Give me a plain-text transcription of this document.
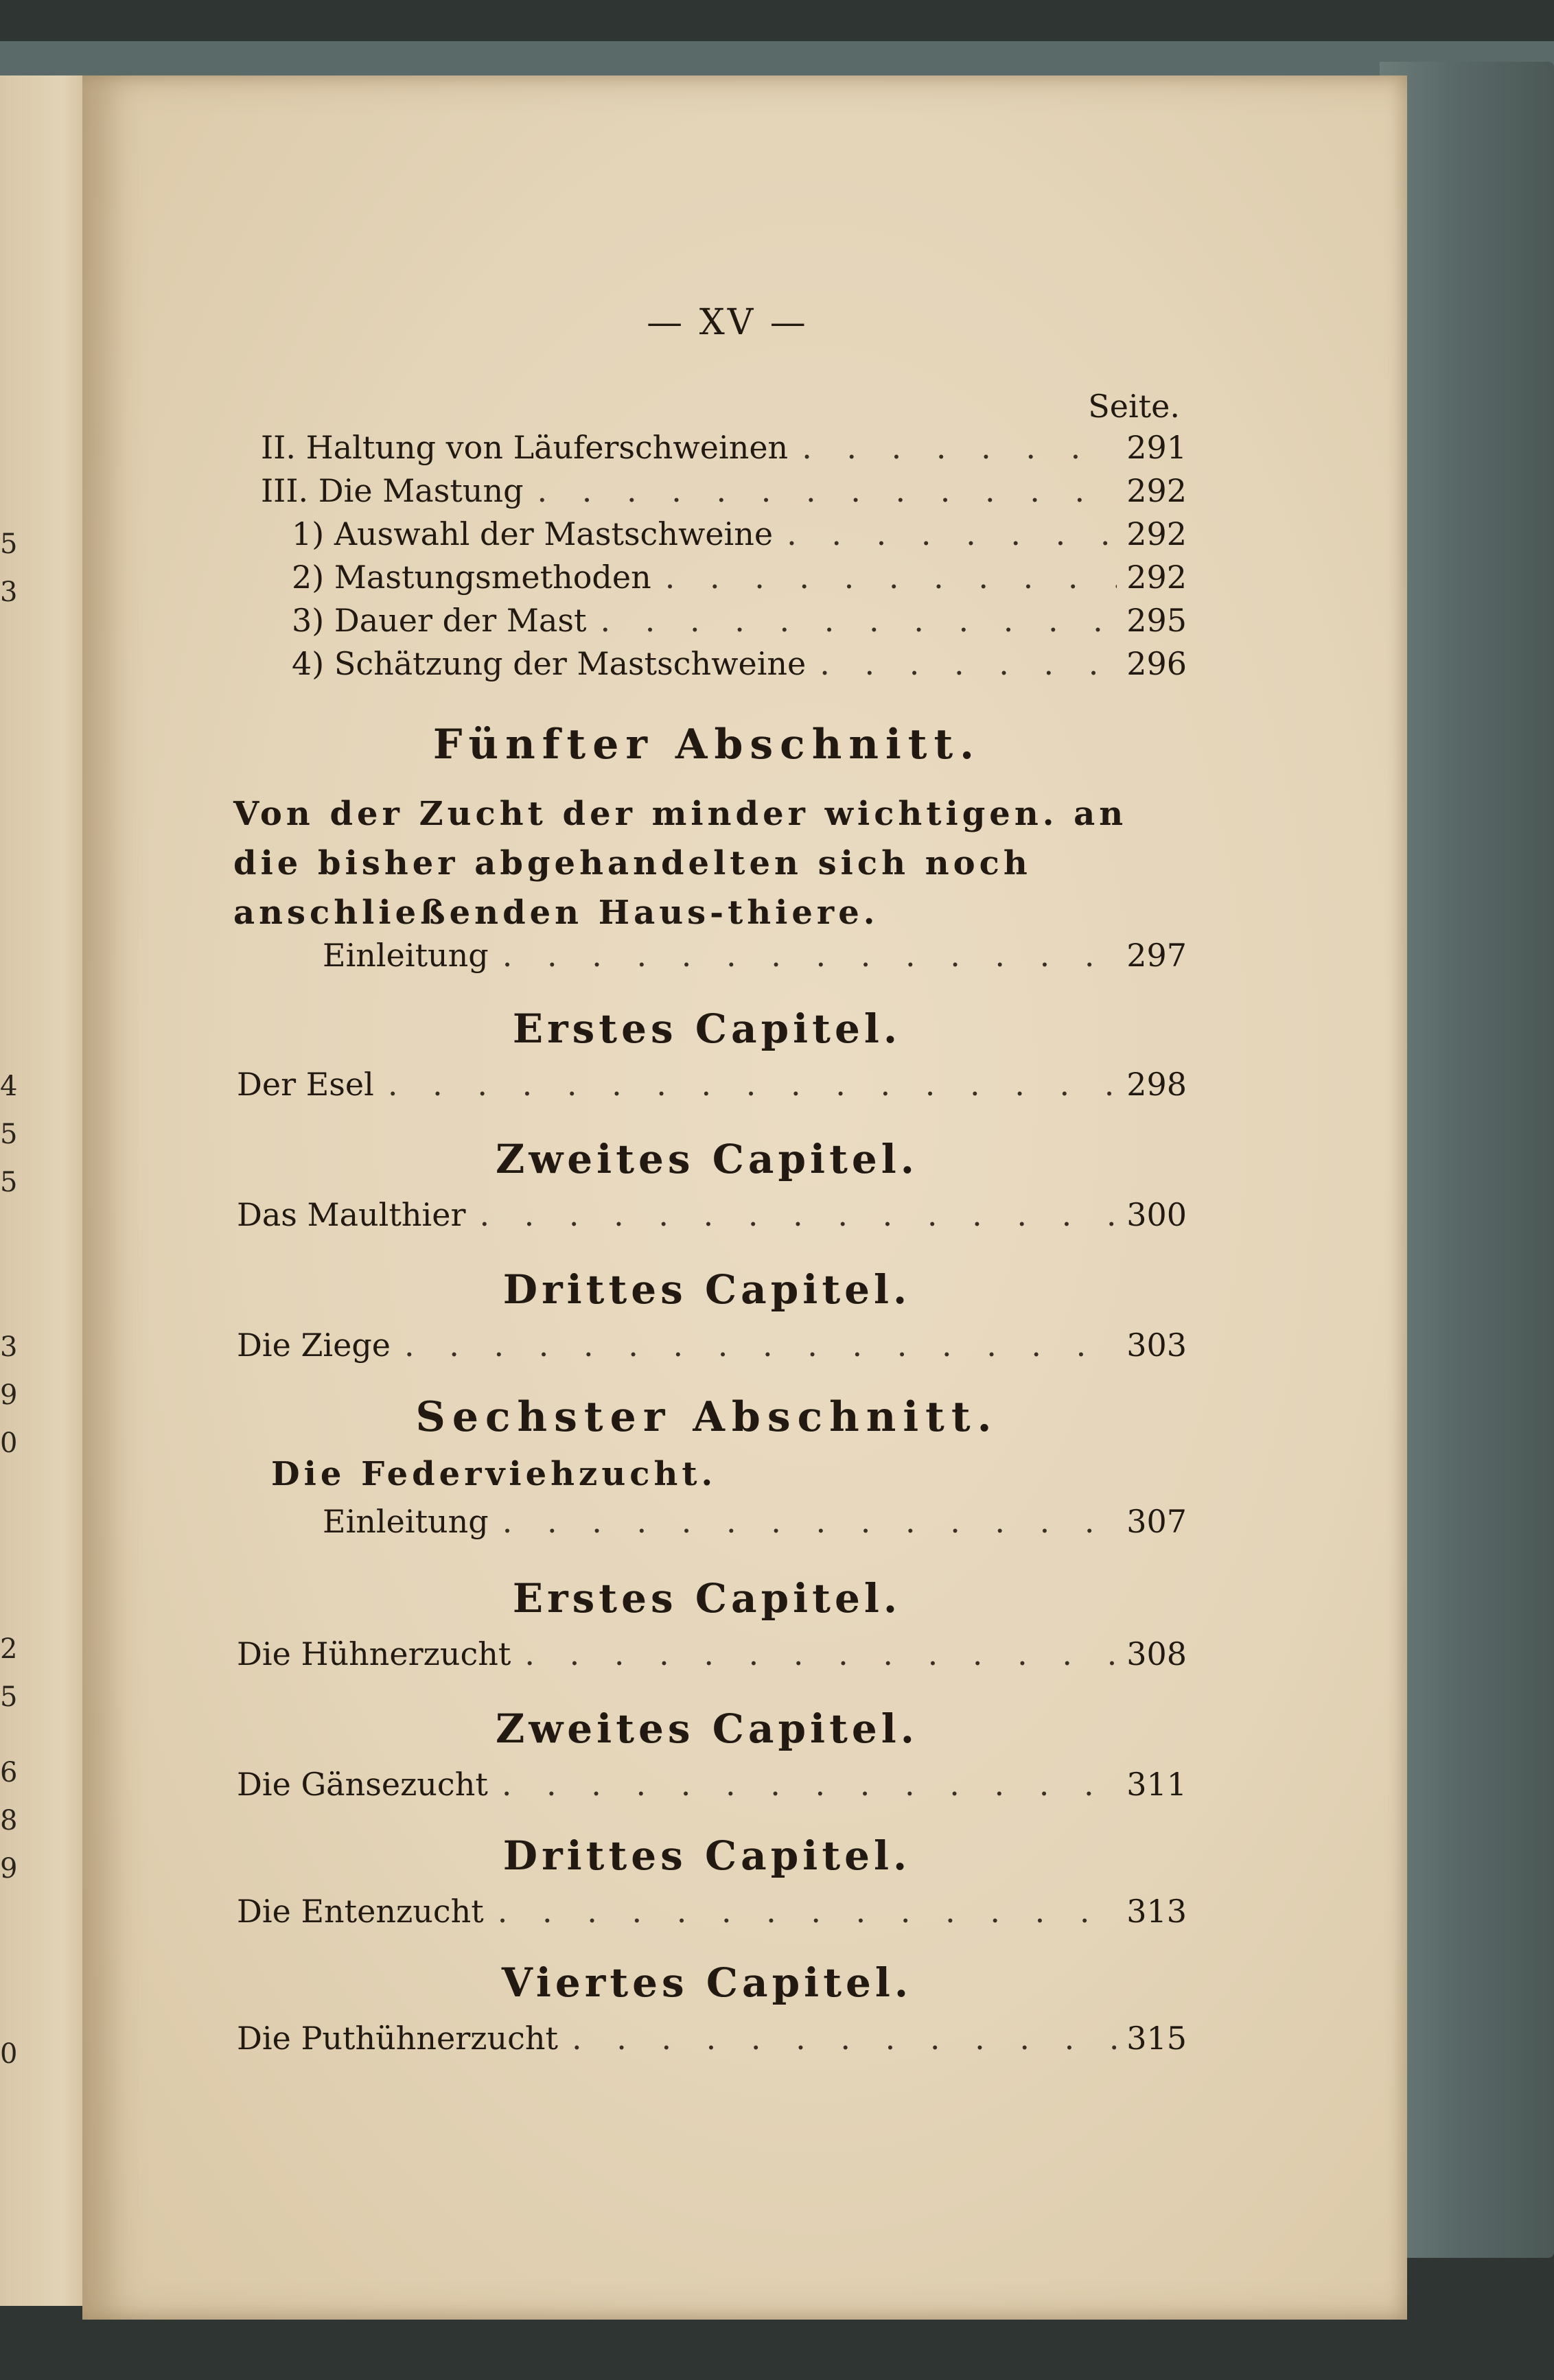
5
3
4
5
5
3
9
0
2
5
6
8
9
0
— XV —
Seite.
II. Haltung von Läuferschweinen . . .	291
III. Die Mastung . . .	292
1) Auswahl der Mastschweine . . .	292
2) Mastungsmethoden . . .	292
3) Dauer der Mast . . .	295
4) Schätzung der Mastschweine . . .	296
Fünfter Abschnitt.
Von der Zucht der minder wichtigen. an die bisher abgehandelten sich noch anschließenden Haus-thiere.
Einleitung . . .	297
Erstes Capitel.
Der Esel . . .	298
Zweites Capitel.
Das Maulthier . . .	300
Drittes Capitel.
Die Ziege . . .	303
Sechster Abschnitt.
Die Federviehzucht.
Einleitung . . .	307
Erstes Capitel.
Die Hühnerzucht . . .	308
Zweites Capitel.
Die Gänsezucht . . .	311
Drittes Capitel.
Die Entenzucht . . .	313
Viertes Capitel.
Die Puthühnerzucht . . .	315
